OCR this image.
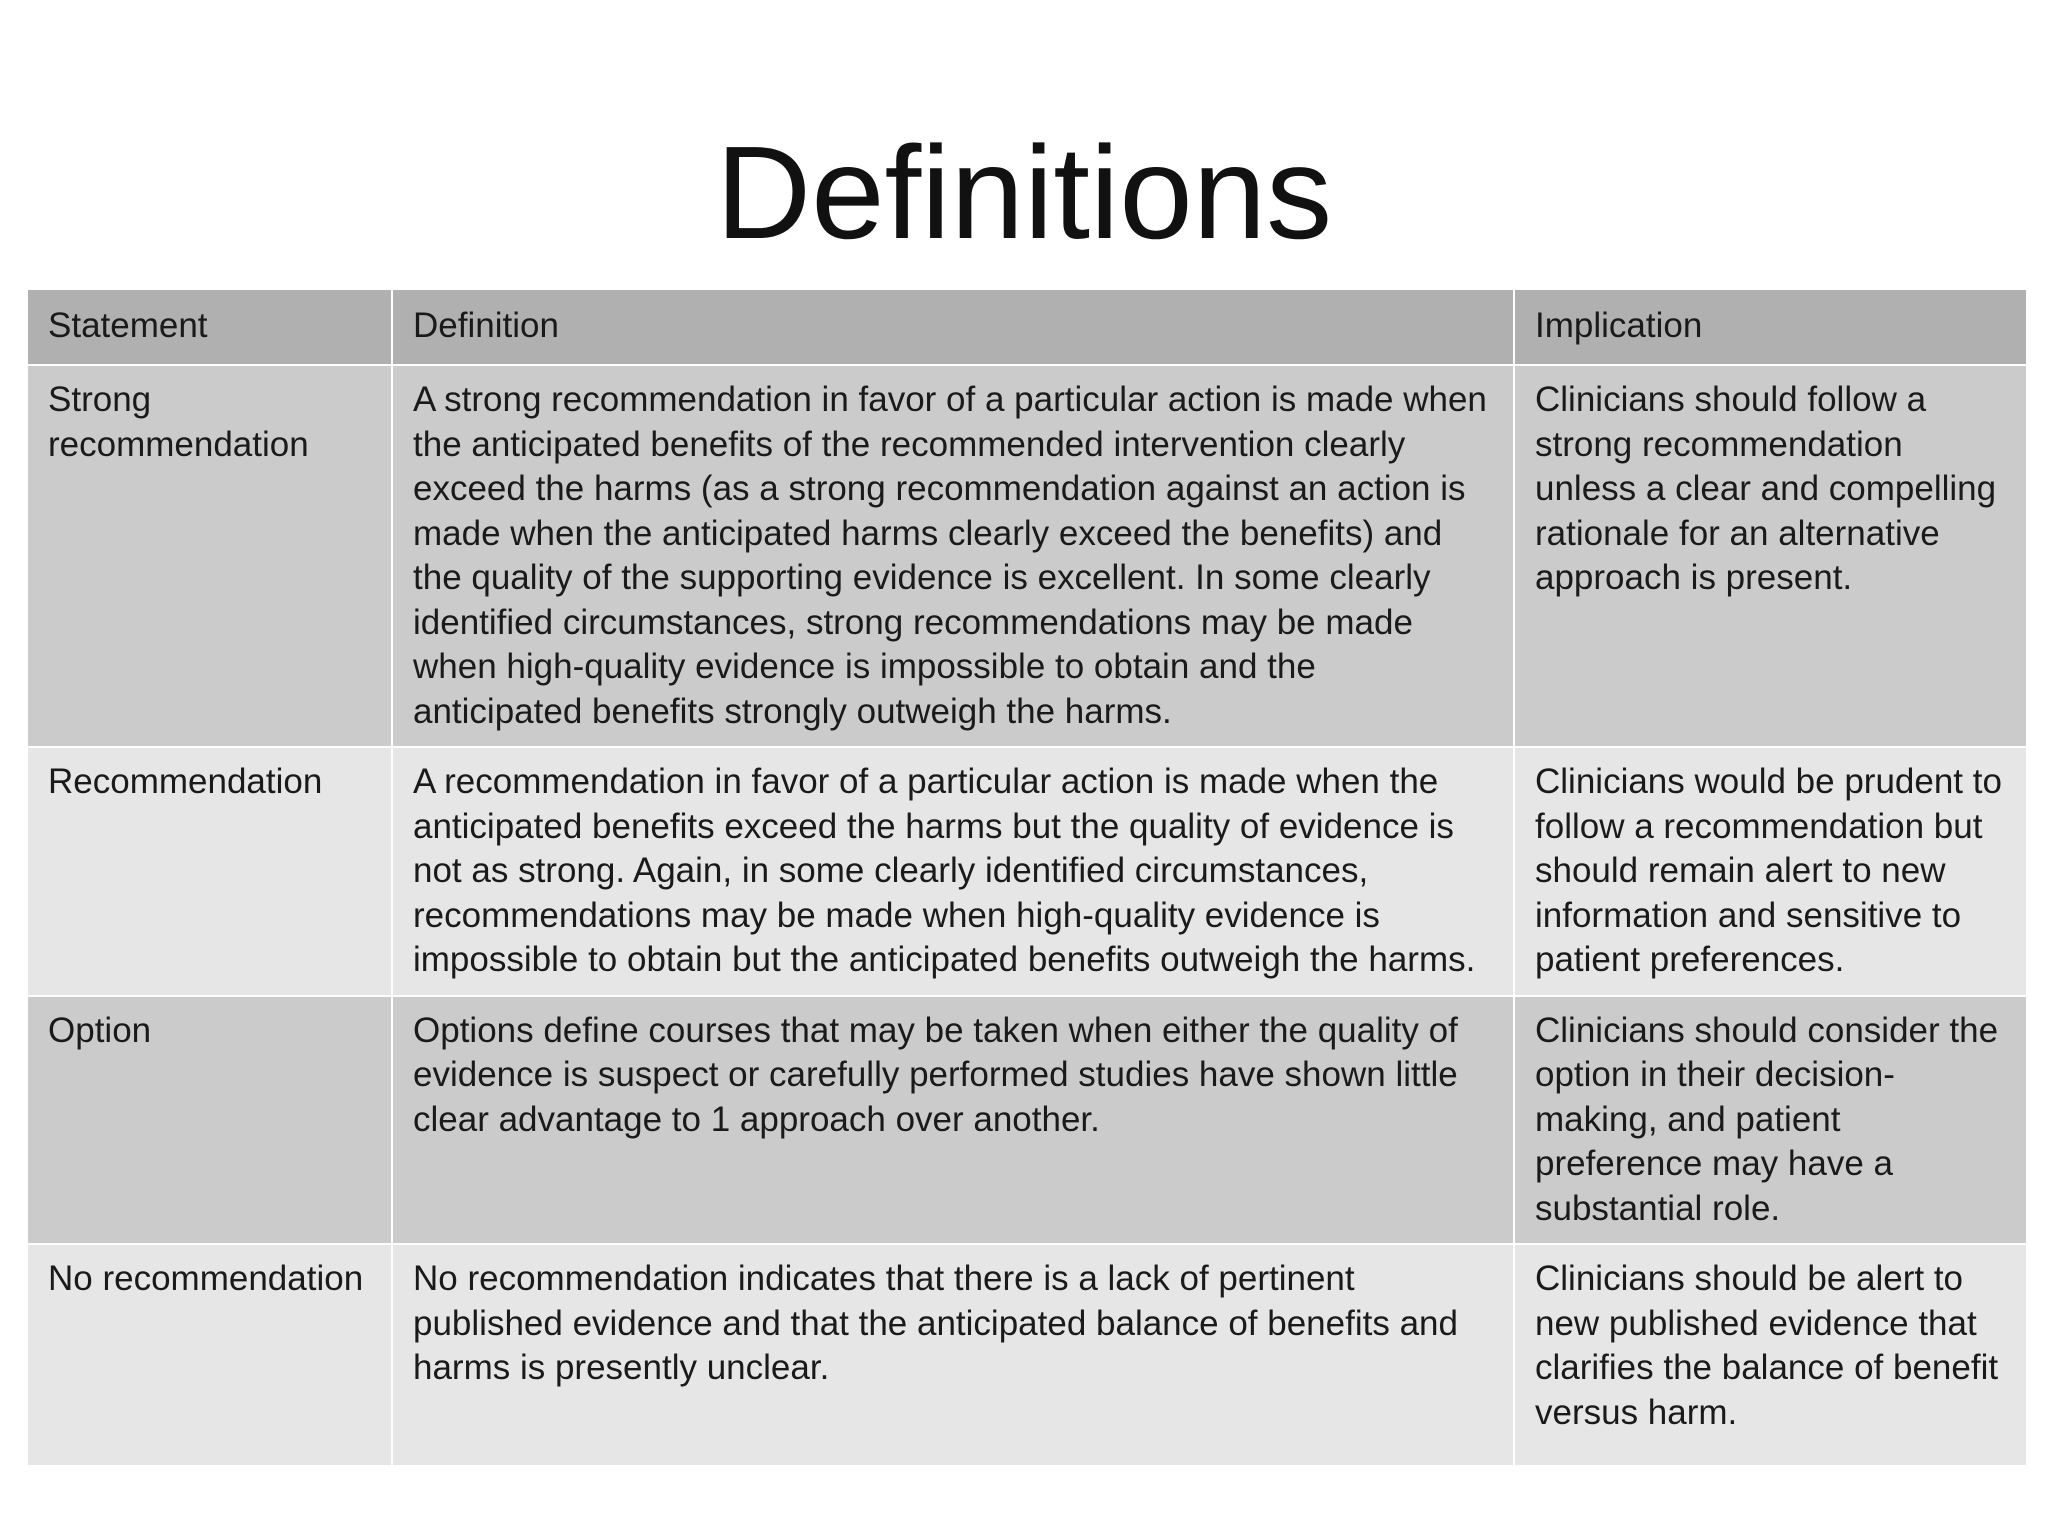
Definitions
Statement	Definition	Implication
Strong recommendation	A strong recommendation in favor of a particular action is made when the anticipated benefits of the recommended intervention clearly exceed the harms (as a strong recommendation against an action is made when the anticipated harms clearly exceed the benefits) and the quality of the supporting evidence is excellent. In some clearly identified circumstances, strong recommendations may be made when high-quality evidence is impossible to obtain and the anticipated benefits strongly outweigh the harms.	Clinicians should follow a strong recommendation unless a clear and compelling rationale for an alternative approach is present.
Recommendation	A recommendation in favor of a particular action is made when the anticipated benefits exceed the harms but the quality of evidence is not as strong. Again, in some clearly identified circumstances, recommendations may be made when high-quality evidence is impossible to obtain but the anticipated benefits outweigh the harms.	Clinicians would be prudent to follow a recommendation but should remain alert to new information and sensitive to patient preferences.
Option	Options define courses that may be taken when either the quality of evidence is suspect or carefully performed studies have shown little clear advantage to 1 approach over another.	Clinicians should consider the option in their decision-making, and patient preference may have a substantial role.
No recommendation	No recommendation indicates that there is a lack of pertinent published evidence and that the anticipated balance of benefits and harms is presently unclear.	Clinicians should be alert to new published evidence that clarifies the balance of benefit versus harm.
